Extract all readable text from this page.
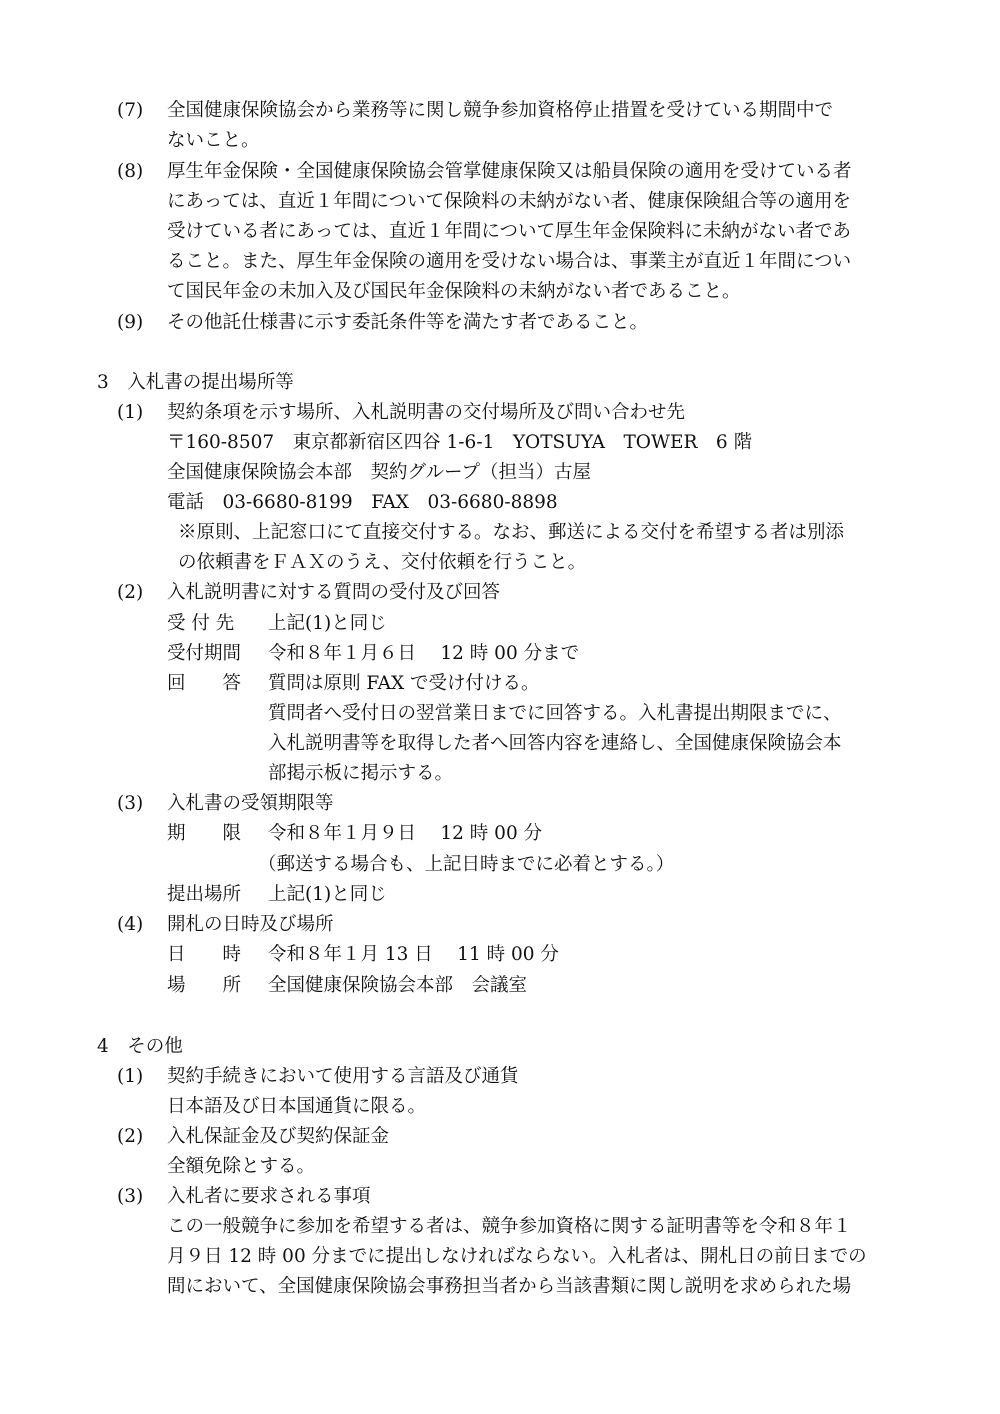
(7) 全国健康保険協会から業務等に関し競争参加資格停止措置を受けている期間中で
ないこと。
(8) 厚生年金保険・全国健康保険協会管掌健康保険又は船員保険の適用を受けている者
にあっては、直近１年間について保険料の未納がない者、健康保険組合等の適用を
受けている者にあっては、直近１年間について厚生年金保険料に未納がない者であ
ること。また、厚生年金保険の適用を受けない場合は、事業主が直近１年間につい
て国民年金の未加入及び国民年金保険料の未納がない者であること。
(9) その他託仕様書に示す委託条件等を満たす者であること。
3　入札書の提出場所等
(1) 契約条項を示す場所、入札説明書の交付場所及び問い合わせ先
〒160-8507　東京都新宿区四谷 1-6-1　YOTSUYA　TOWER　6 階
全国健康保険協会本部　契約グループ（担当）古屋
電話　03-6680-8199　FAX　03-6680-8898
※原則、上記窓口にて直接交付する。なお、郵送による交付を希望する者は別添
の依頼書をＦＡＸのうえ、交付依頼を行うこと。
(2) 入札説明書に対する質問の受付及び回答
受 付 先 上記(1)と同じ
受付期間 令和８年１月６日　 12 時 00 分まで
回　　答 質問は原則 FAX で受け付ける。
質問者へ受付日の翌営業日までに回答する。入札書提出期限までに、
入札説明書等を取得した者へ回答内容を連絡し、全国健康保険協会本
部掲示板に掲示する。
(3) 入札書の受領期限等
期　　限 令和８年１月９日　 12 時 00 分
（郵送する場合も、上記日時までに必着とする。）
提出場所 上記(1)と同じ
(4) 開札の日時及び場所
日　　時 令和８年１月 13 日　 11 時 00 分
場　　所 全国健康保険協会本部　会議室
4　その他
(1) 契約手続きにおいて使用する言語及び通貨
日本語及び日本国通貨に限る。
(2) 入札保証金及び契約保証金
全額免除とする。
(3) 入札者に要求される事項
この一般競争に参加を希望する者は、競争参加資格に関する証明書等を令和８年１
月９日 12 時 00 分までに提出しなければならない。入札者は、開札日の前日までの
間において、全国健康保険協会事務担当者から当該書類に関し説明を求められた場
